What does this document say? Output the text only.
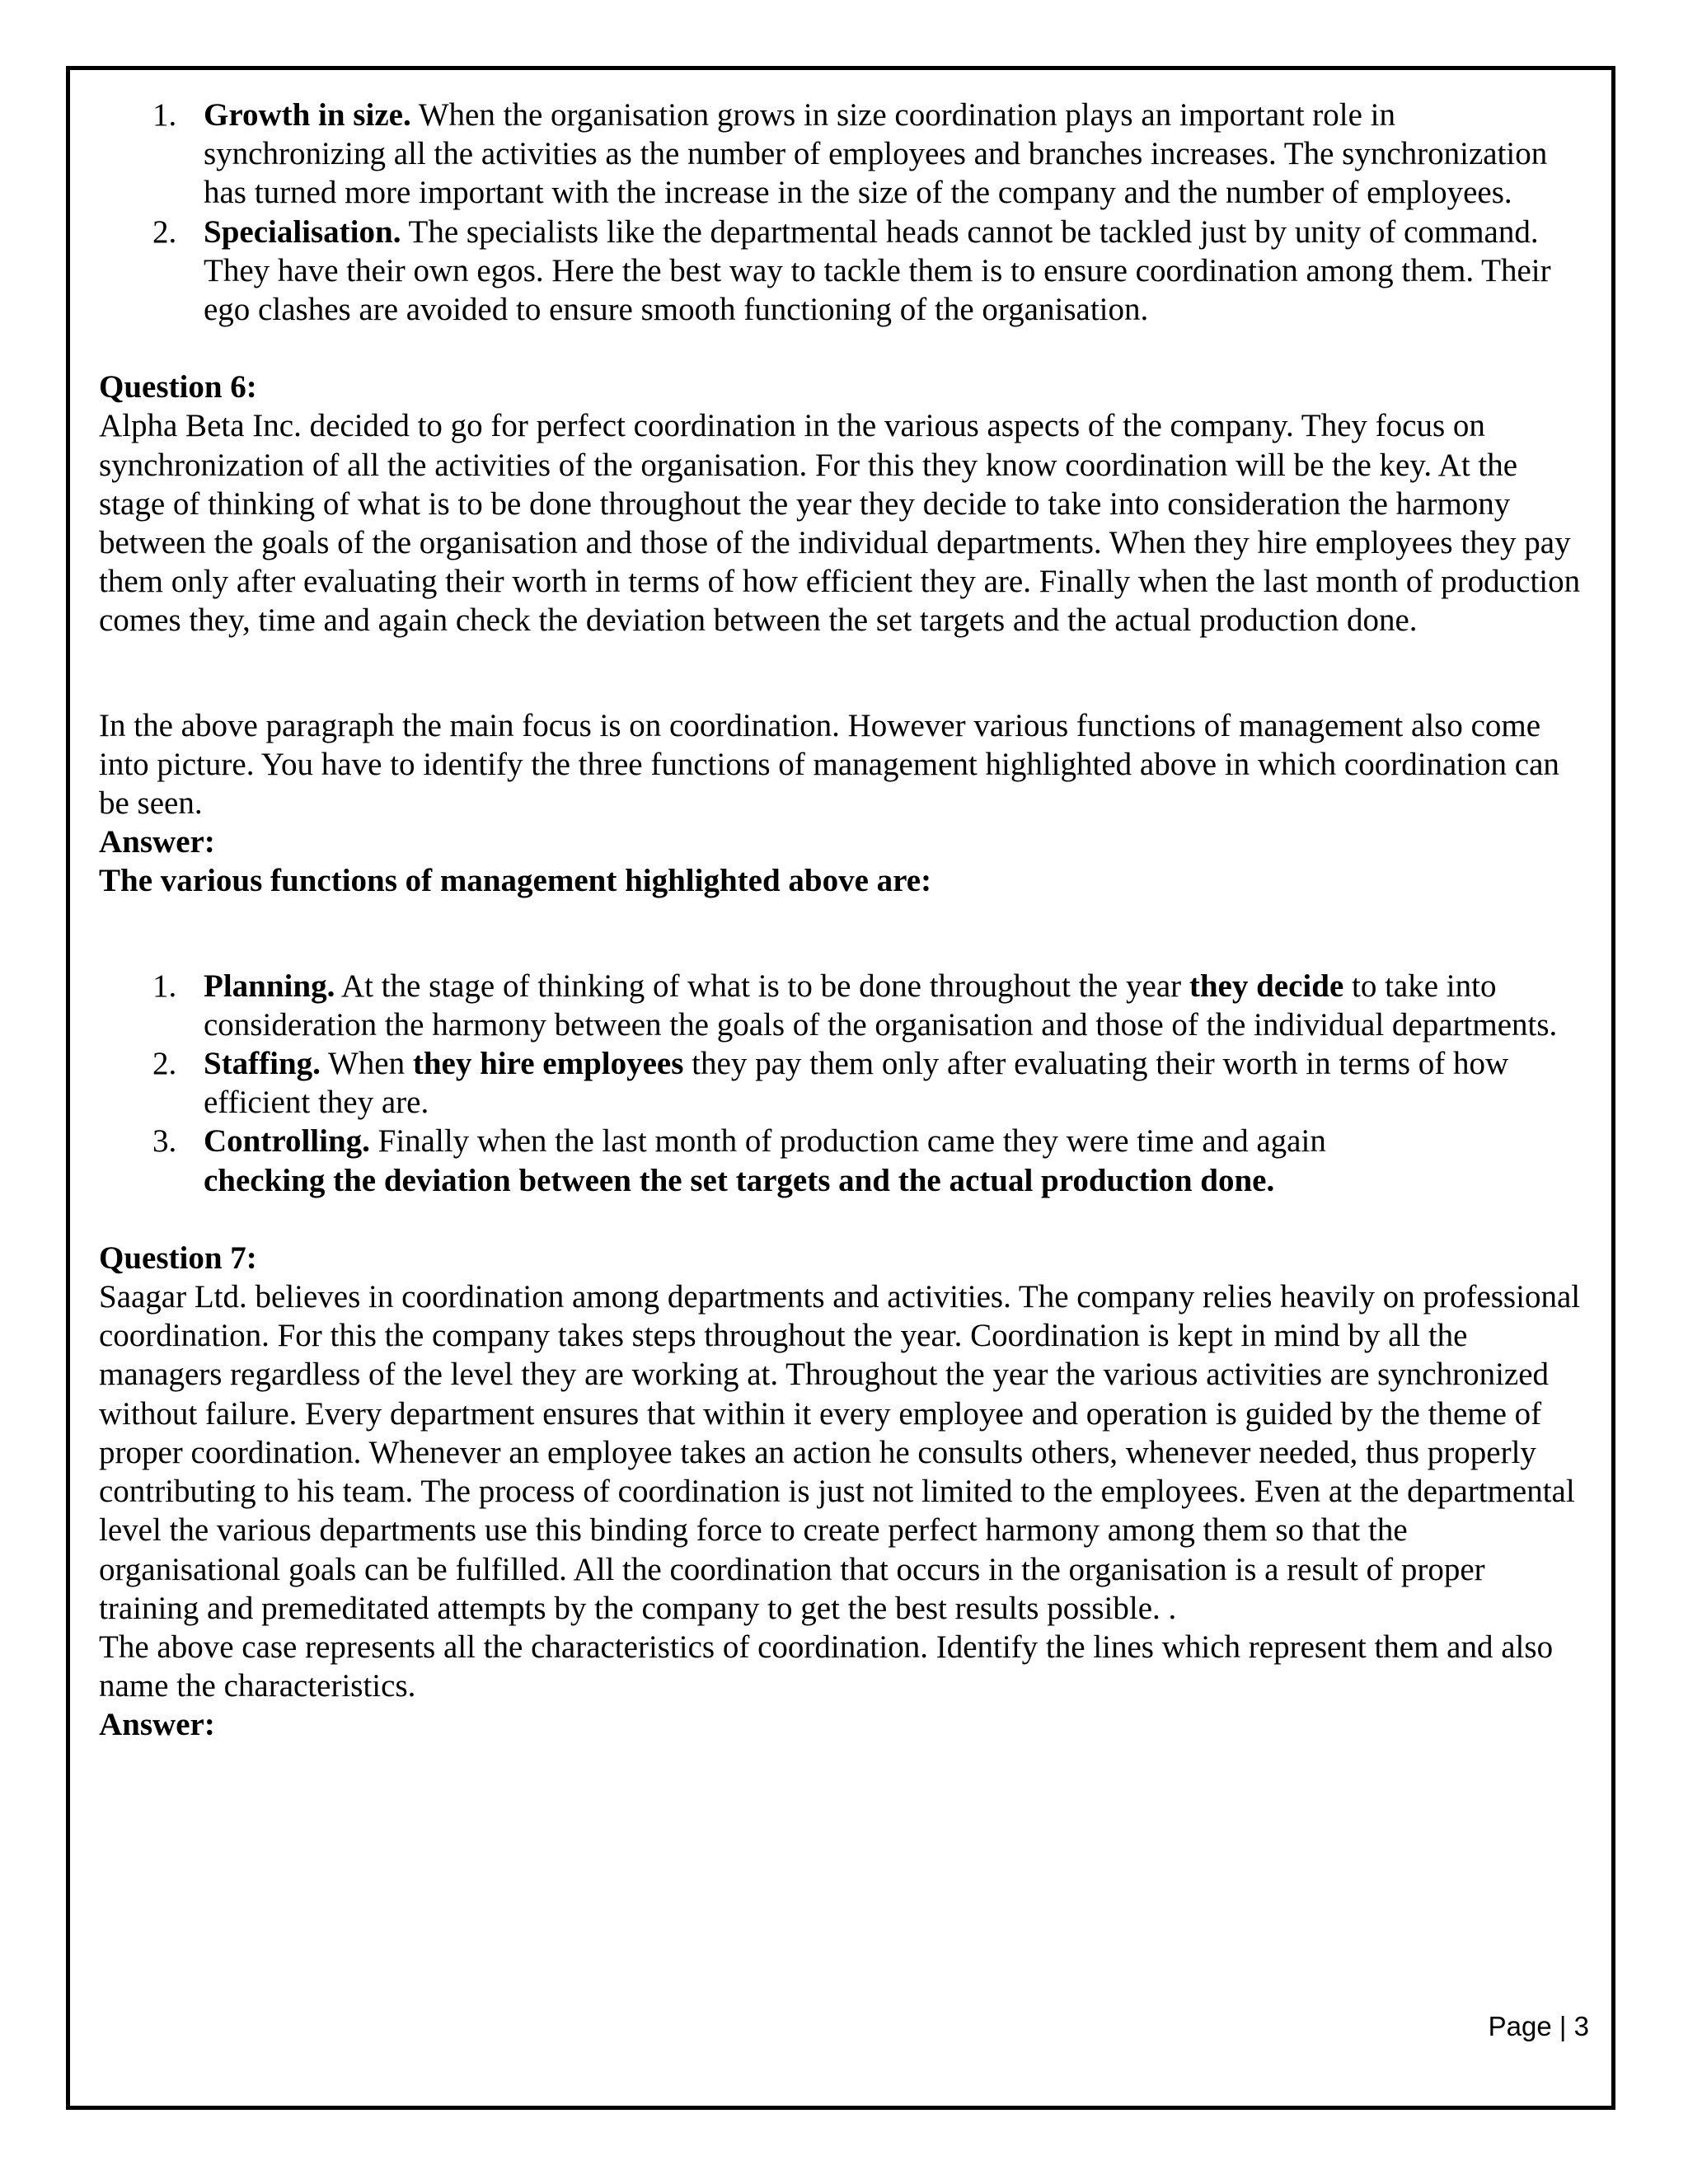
1. Growth in size. When the organisation grows in size coordination plays an important role in synchronizing all the activities as the number of employees and branches increases. The synchronization has turned more important with the increase in the size of the company and the number of employees.
2. Specialisation. The specialists like the departmental heads cannot be tackled just by unity of command. They have their own egos. Here the best way to tackle them is to ensure coordination among them. Their ego clashes are avoided to ensure smooth functioning of the organisation.

Question 6:

Alpha Beta Inc. decided to go for perfect coordination in the various aspects of the company. They focus on synchronization of all the activities of the organisation. For this they know coordination will be the key. At the stage of thinking of what is to be done throughout the year they decide to take into consideration the harmony between the goals of the organisation and those of the individual departments. When they hire employees they pay them only after evaluating their worth in terms of how efficient they are. Finally when the last month of production comes they, time and again check the deviation between the set targets and the actual production done.

In the above paragraph the main focus is on coordination. However various functions of management also come into picture. You have to identify the three functions of management highlighted above in which coordination can be seen.

Answer:

The various functions of management highlighted above are:

1. Planning. At the stage of thinking of what is to be done throughout the year they decide to take into consideration the harmony between the goals of the organisation and those of the individual departments.
2. Staffing. When they hire employees they pay them only after evaluating their worth in terms of how efficient they are.
3. Controlling. Finally when the last month of production came they were time and again
checking the deviation between the set targets and the actual production done.

Question 7:

Saagar Ltd. believes in coordination among departments and activities. The company relies heavily on professional coordination. For this the company takes steps throughout the year. Coordination is kept in mind by all the managers regardless of the level they are working at. Throughout the year the various activities are synchronized without failure. Every department ensures that within it every employee and operation is guided by the theme of proper coordination. Whenever an employee takes an action he consults others, whenever needed, thus properly contributing to his team. The process of coordination is just not limited to the employees. Even at the departmental level the various departments use this binding force to create perfect harmony among them so that the organisational goals can be fulfilled. All the coordination that occurs in the organisation is a result of proper training and premeditated attempts by the company to get the best results possible. .

The above case represents all the characteristics of coordination. Identify the lines which represent them and also name the characteristics.

Answer:

Page | 3
